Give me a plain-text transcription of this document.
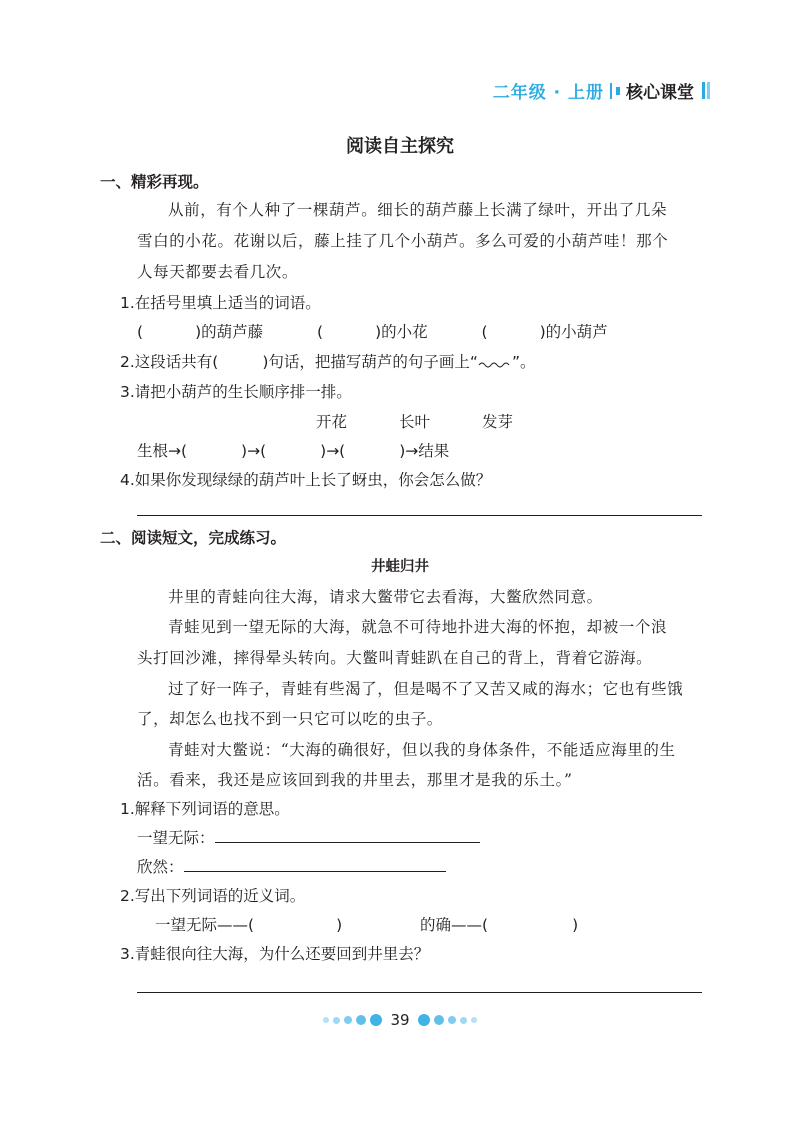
二年级 · 上册 核心课堂
阅读自主探究
一、精彩再现。
从前，有个人种了一棵葫芦。细长的葫芦藤上长满了绿叶，开出了几朵
雪白的小花。花谢以后，藤上挂了几个小葫芦。多么可爱的小葫芦哇！那个
人每天都要去看几次。
1.在括号里填上适当的词语。
(	)的葫芦藤	(	)的小花	(	)的小葫芦
2.这段话共有(	)句话，把描写葫芦的句子画上“ ”。
3.请把小葫芦的生长顺序排一排。
开花	长叶	发芽
生根→(	)→(	)→(	)→结果
4.如果你发现绿绿的葫芦叶上长了蚜虫，你会怎么做？
二、阅读短文，完成练习。
井蛙归井
井里的青蛙向往大海，请求大鳖带它去看海，大鳖欣然同意。
青蛙见到一望无际的大海，就急不可待地扑进大海的怀抱，却被一个浪
头打回沙滩，摔得晕头转向。大鳖叫青蛙趴在自己的背上，背着它游海。
过了好一阵子，青蛙有些渴了，但是喝不了又苦又咸的海水；它也有些饿
了，却怎么也找不到一只它可以吃的虫子。
青蛙对大鳖说：“大海的确很好，但以我的身体条件，不能适应海里的生
活。看来，我还是应该回到我的井里去，那里才是我的乐土。”
1.解释下列词语的意思。
一望无际：
欣然：
2.写出下列词语的近义词。
一望无际——(	)	的确——(	)
3.青蛙很向往大海，为什么还要回到井里去？
39
